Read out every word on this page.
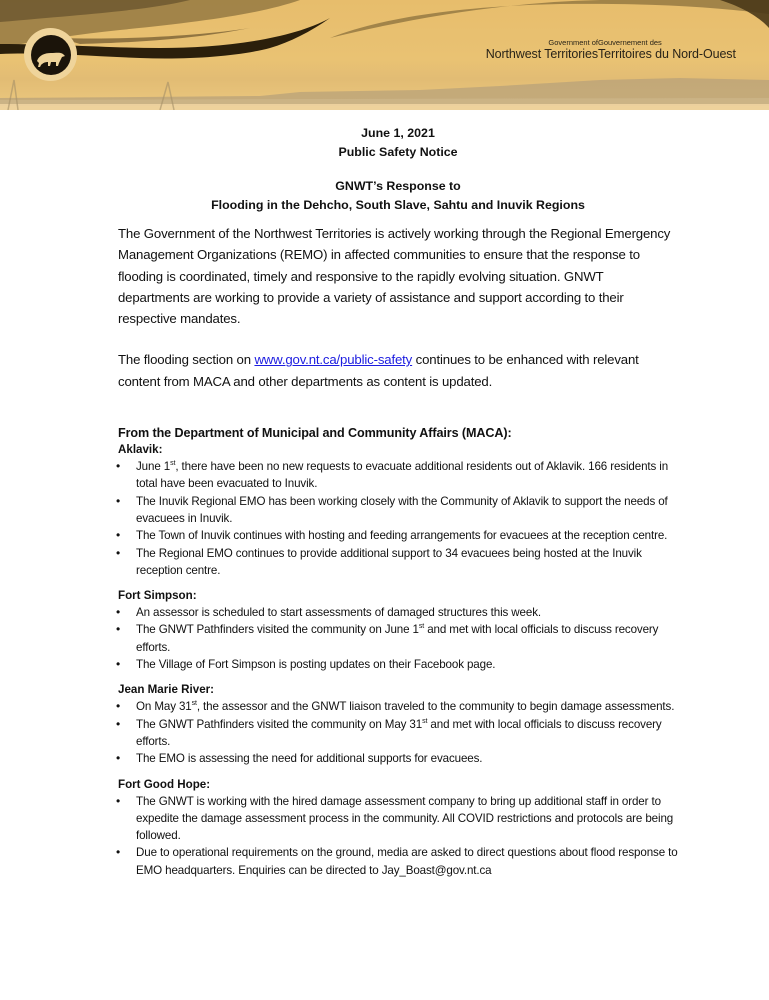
Government of
Northwest Territories
Gouvernement des
Territoires du Nord-Ouest
June 1, 2021
Public Safety Notice
GNWT’s Response to
Flooding in the Dehcho, South Slave, Sahtu and Inuvik Regions

The Government of the Northwest Territories is actively working through the Regional Emergency Management Organizations (REMO) in affected communities to ensure that the response to flooding is coordinated, timely and responsive to the rapidly evolving situation. GNWT departments are working to provide a variety of assistance and support according to their respective mandates.

The flooding section on www.gov.nt.ca/public-safety continues to be enhanced with relevant content from MACA and other departments as content is updated.

From the Department of Municipal and Community Affairs (MACA):
Aklavik:
• June 1st, there have been no new requests to evacuate additional residents out of Aklavik. 166 residents in total have been evacuated to Inuvik.
• The Inuvik Regional EMO has been working closely with the Community of Aklavik to support the needs of evacuees in Inuvik.
• The Town of Inuvik continues with hosting and feeding arrangements for evacuees at the reception centre.
• The Regional EMO continues to provide additional support to 34 evacuees being hosted at the Inuvik reception centre.
Fort Simpson:
• An assessor is scheduled to start assessments of damaged structures this week.
• The GNWT Pathfinders visited the community on June 1st and met with local officials to discuss recovery efforts.
• The Village of Fort Simpson is posting updates on their Facebook page.
Jean Marie River:
• On May 31st, the assessor and the GNWT liaison traveled to the community to begin damage assessments.
• The GNWT Pathfinders visited the community on May 31st and met with local officials to discuss recovery efforts.
• The EMO is assessing the need for additional supports for evacuees.
Fort Good Hope:
• The GNWT is working with the hired damage assessment company to bring up additional staff in order to expedite the damage assessment process in the community. All COVID restrictions and protocols are being followed.
• Due to operational requirements on the ground, media are asked to direct questions about flood response to EMO headquarters. Enquiries can be directed to Jay_Boast@gov.nt.ca
